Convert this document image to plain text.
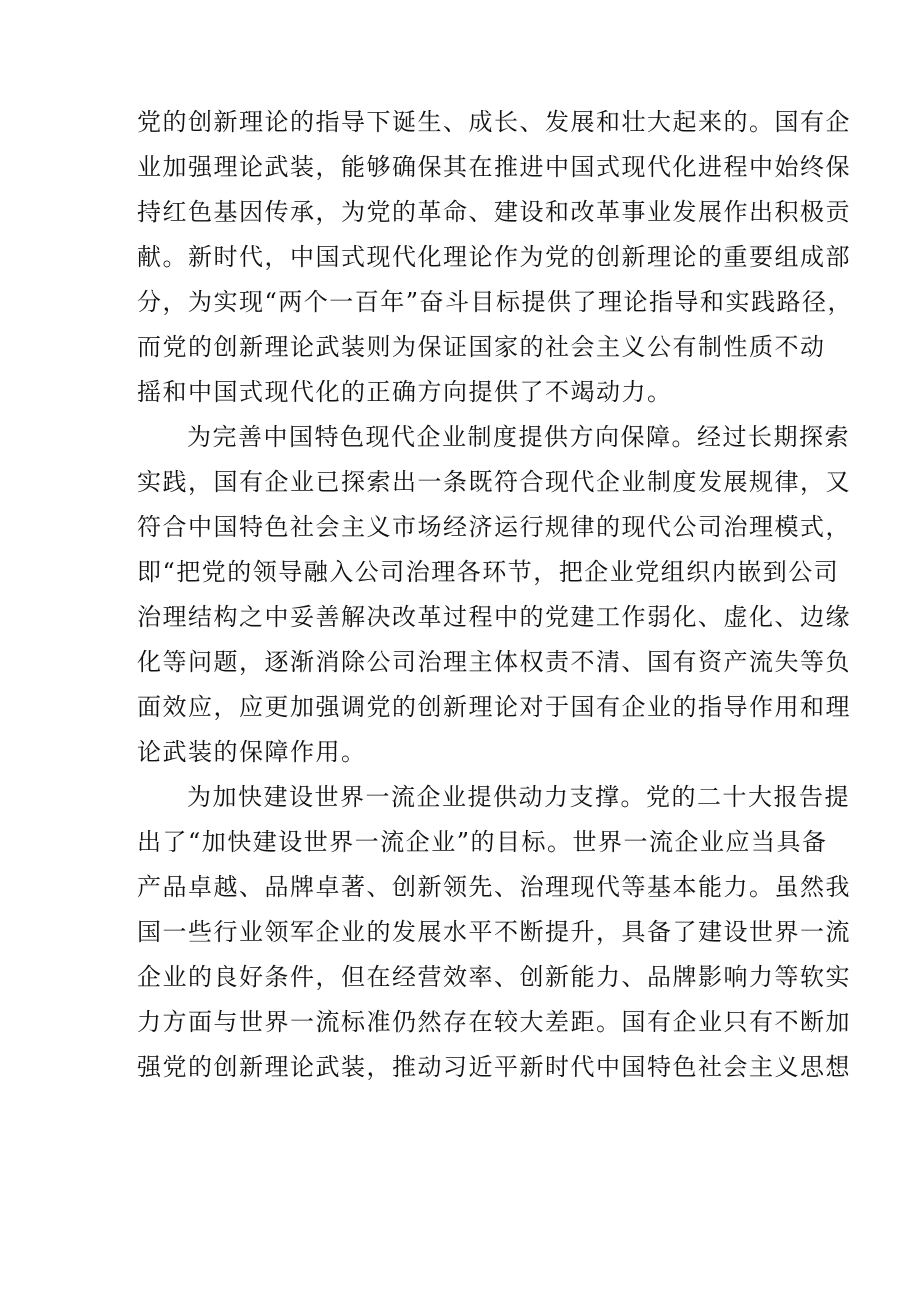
党的创新理论的指导下诞生、成长、发展和壮大起来的。国有企
业加强理论武装，能够确保其在推进中国式现代化进程中始终保
持红色基因传承，为党的革命、建设和改革事业发展作出积极贡
献。新时代，中国式现代化理论作为党的创新理论的重要组成部
分，为实现“两个一百年”奋斗目标提供了理论指导和实践路径，
而党的创新理论武装则为保证国家的社会主义公有制性质不动
摇和中国式现代化的正确方向提供了不竭动力。

为完善中国特色现代企业制度提供方向保障。经过长期探索
实践，国有企业已探索出一条既符合现代企业制度发展规律，又
符合中国特色社会主义市场经济运行规律的现代公司治理模式，
即“把党的领导融入公司治理各环节，把企业党组织内嵌到公司
治理结构之中妥善解决改革过程中的党建工作弱化、虚化、边缘
化等问题，逐渐消除公司治理主体权责不清、国有资产流失等负
面效应，应更加强调党的创新理论对于国有企业的指导作用和理
论武装的保障作用。

为加快建设世界一流企业提供动力支撑。党的二十大报告提
出了“加快建设世界一流企业”的目标。世界一流企业应当具备
产品卓越、品牌卓著、创新领先、治理现代等基本能力。虽然我
国一些行业领军企业的发展水平不断提升，具备了建设世界一流
企业的良好条件，但在经营效率、创新能力、品牌影响力等软实
力方面与世界一流标准仍然存在较大差距。国有企业只有不断加
强党的创新理论武装，推动习近平新时代中国特色社会主义思想
